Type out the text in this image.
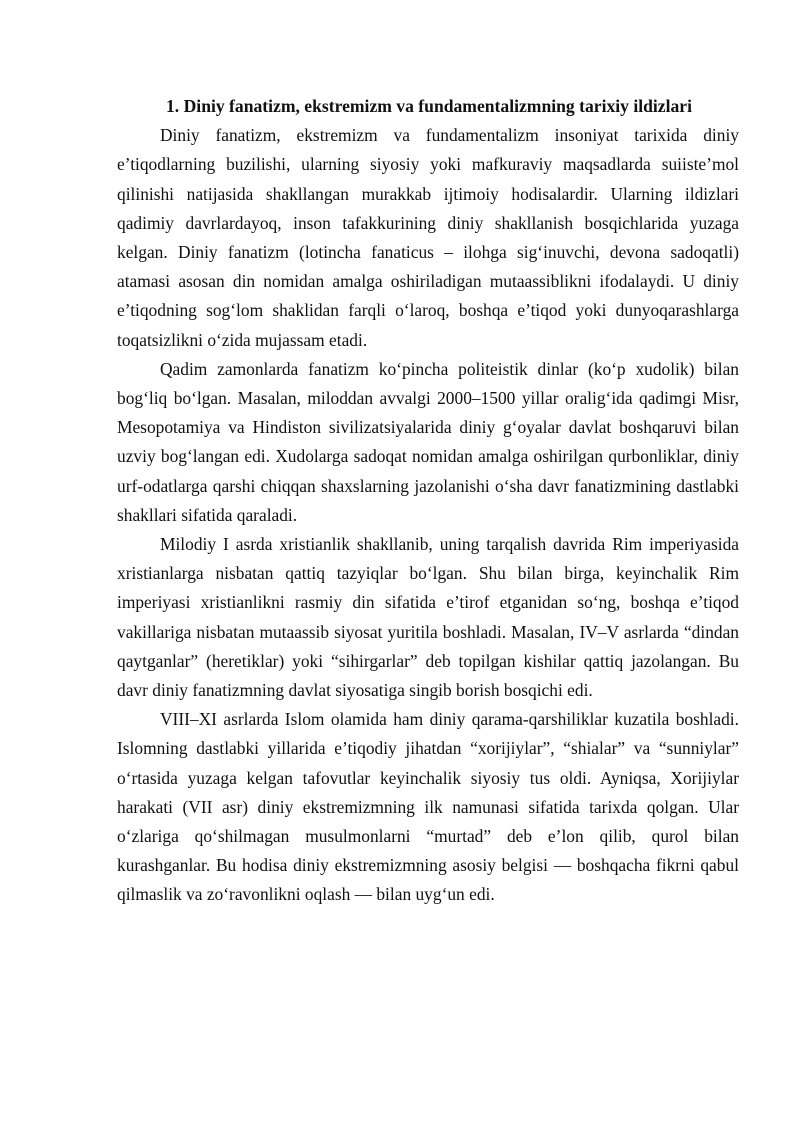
1. Diniy fanatizm, ekstremizm va fundamentalizmning tarixiy ildizlari

Diniy fanatizm, ekstremizm va fundamentalizm insoniyat tarixida diniy e’tiqodlarning buzilishi, ularning siyosiy yoki mafkuraviy maqsadlarda suiiste’mol qilinishi natijasida shakllangan murakkab ijtimoiy hodisalardir. Ularning ildizlari qadimiy davrlardayoq, inson tafakkurining diniy shakllanish bosqichlarida yuzaga kelgan. Diniy fanatizm (lotincha fanaticus – ilohga sig‘inuvchi, devona sadoqatli) atamasi asosan din nomidan amalga oshiriladigan mutaassiblikni ifodalaydi. U diniy e’tiqodning sog‘lom shaklidan farqli o‘laroq, boshqa e’tiqod yoki dunyoqarashlarga toqatsizlikni o‘zida mujassam etadi.

Qadim zamonlarda fanatizm ko‘pincha politeistik dinlar (ko‘p xudolik) bilan bog‘liq bo‘lgan. Masalan, miloddan avvalgi 2000–1500 yillar oralig‘ida qadimgi Misr, Mesopotamiya va Hindiston sivilizatsiyalarida diniy g‘oyalar davlat boshqaruvi bilan uzviy bog‘langan edi. Xudolarga sadoqat nomidan amalga oshirilgan qurbonliklar, diniy urf-odatlarga qarshi chiqqan shaxslarning jazolanishi o‘sha davr fanatizmining dastlabki shakllari sifatida qaraladi.

Milodiy I asrda xristianlik shakllanib, uning tarqalish davrida Rim imperiyasida xristianlarga nisbatan qattiq tazyiqlar bo‘lgan. Shu bilan birga, keyinchalik Rim imperiyasi xristianlikni rasmiy din sifatida e’tirof etganidan so‘ng, boshqa e’tiqod vakillariga nisbatan mutaassib siyosat yuritila boshladi. Masalan, IV–V asrlarda “dindan qaytganlar” (heretiklar) yoki “sihirgarlar” deb topilgan kishilar qattiq jazolangan. Bu davr diniy fanatizmning davlat siyosatiga singib borish bosqichi edi.

VIII–XI asrlarda Islom olamida ham diniy qarama-qarshiliklar kuzatila boshladi. Islomning dastlabki yillarida e’tiqodiy jihatdan “xorijiylar”, “shialar” va “sunniylar” o‘rtasida yuzaga kelgan tafovutlar keyinchalik siyosiy tus oldi. Ayniqsa, Xorijiylar harakati (VII asr) diniy ekstremizmning ilk namunasi sifatida tarixda qolgan. Ular o‘zlariga qo‘shilmagan musulmonlarni “murtad” deb e’lon qilib, qurol bilan kurashganlar. Bu hodisa diniy ekstremizmning asosiy belgisi — boshqacha fikrni qabul qilmaslik va zo‘ravonlikni oqlash — bilan uyg‘un edi.
